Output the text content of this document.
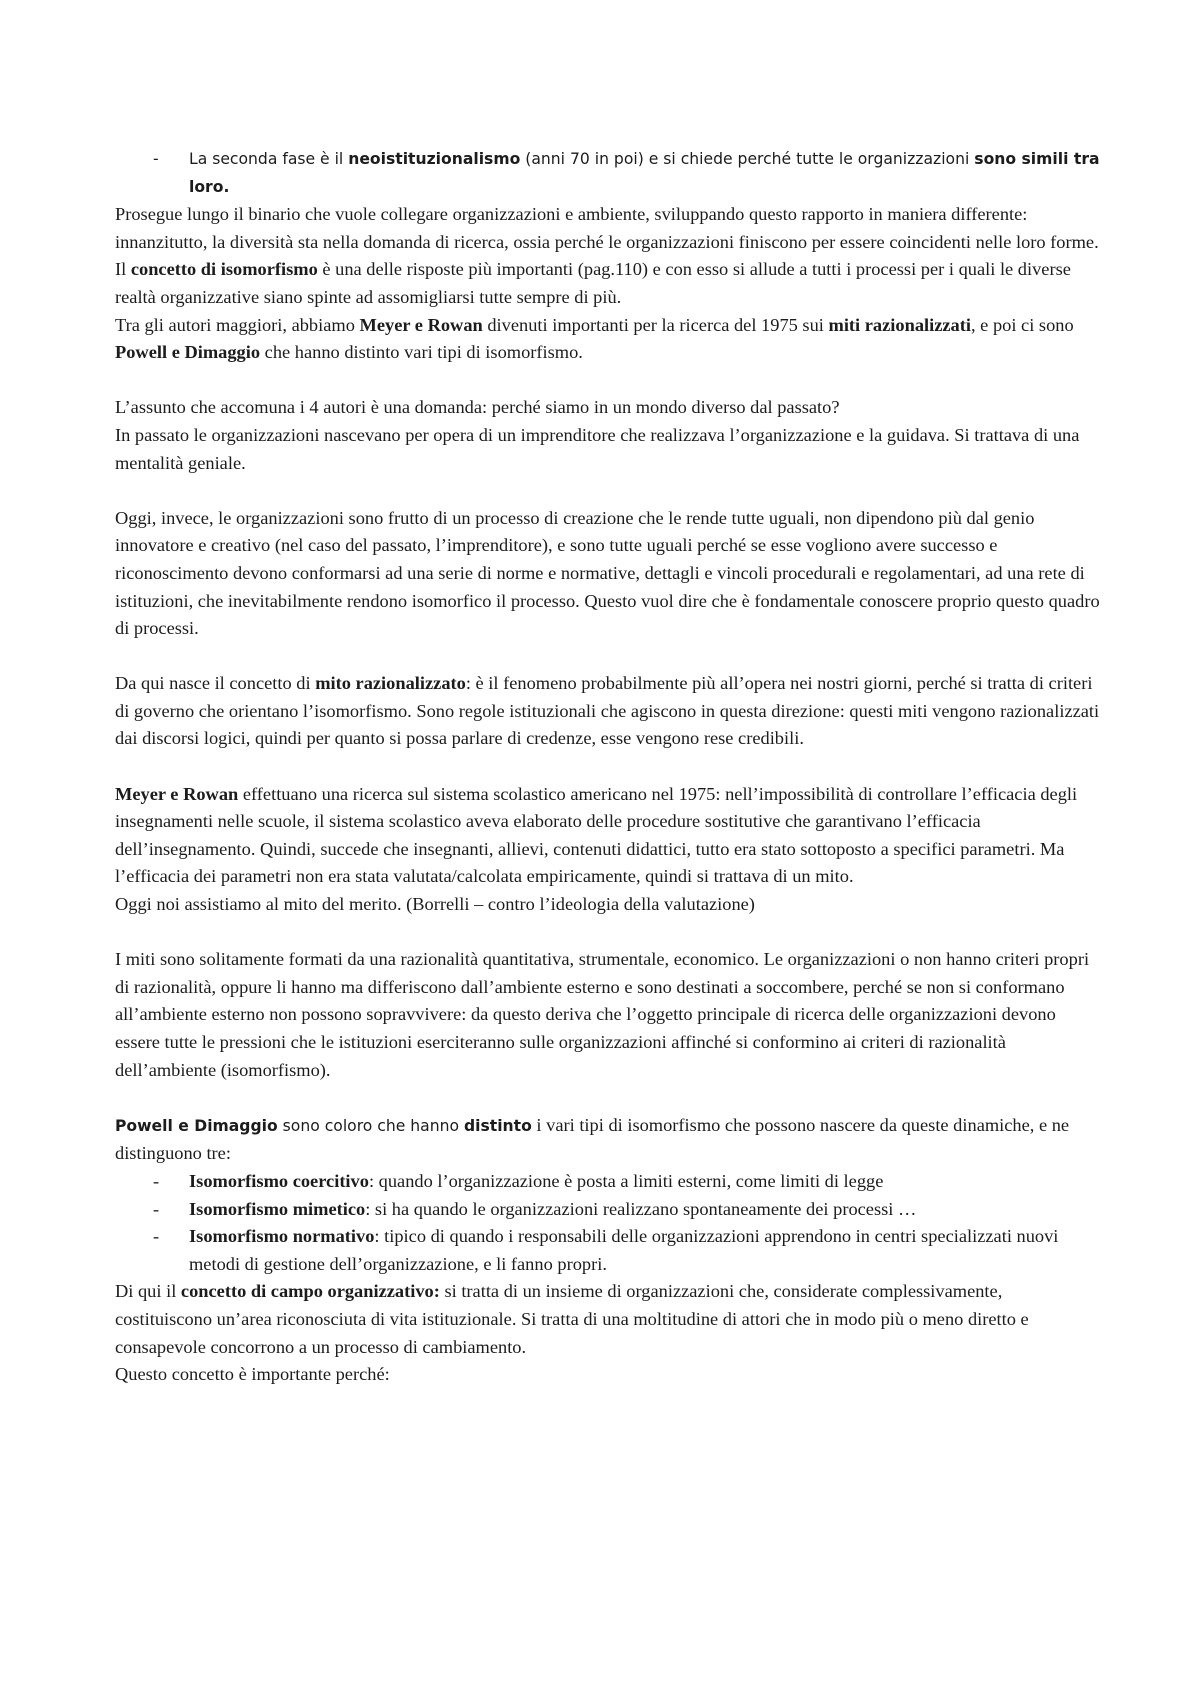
- La seconda fase è il neoistituzionalismo (anni 70 in poi) e si chiede perché tutte le organizzazioni sono simili tra loro.

Prosegue lungo il binario che vuole collegare organizzazioni e ambiente, sviluppando questo rapporto in maniera differente: innanzitutto, la diversità sta nella domanda di ricerca, ossia perché le organizzazioni finiscono per essere coincidenti nelle loro forme.

Il concetto di isomorfismo è una delle risposte più importanti (pag.110) e con esso si allude a tutti i processi per i quali le diverse realtà organizzative siano spinte ad assomigliarsi tutte sempre di più.

Tra gli autori maggiori, abbiamo Meyer e Rowan divenuti importanti per la ricerca del 1975 sui miti razionalizzati, e poi ci sono Powell e Dimaggio che hanno distinto vari tipi di isomorfismo.

L’assunto che accomuna i 4 autori è una domanda: perché siamo in un mondo diverso dal passato?

In passato le organizzazioni nascevano per opera di un imprenditore che realizzava l’organizzazione e la guidava. Si trattava di una mentalità geniale.

Oggi, invece, le organizzazioni sono frutto di un processo di creazione che le rende tutte uguali, non dipendono più dal genio innovatore e creativo (nel caso del passato, l’imprenditore), e sono tutte uguali perché se esse vogliono avere successo e riconoscimento devono conformarsi ad una serie di norme e normative, dettagli e vincoli procedurali e regolamentari, ad una rete di istituzioni, che inevitabilmente rendono isomorfico il processo. Questo vuol dire che è fondamentale conoscere proprio questo quadro di processi.

Da qui nasce il concetto di mito razionalizzato: è il fenomeno probabilmente più all’opera nei nostri giorni, perché si tratta di criteri di governo che orientano l’isomorfismo. Sono regole istituzionali che agiscono in questa direzione: questi miti vengono razionalizzati dai discorsi logici, quindi per quanto si possa parlare di credenze, esse vengono rese credibili.

Meyer e Rowan effettuano una ricerca sul sistema scolastico americano nel 1975: nell’impossibilità di controllare l’efficacia degli insegnamenti nelle scuole, il sistema scolastico aveva elaborato delle procedure sostitutive che garantivano l’efficacia dell’insegnamento. Quindi, succede che insegnanti, allievi, contenuti didattici, tutto era stato sottoposto a specifici parametri. Ma l’efficacia dei parametri non era stata valutata/calcolata empiricamente, quindi si trattava di un mito.

Oggi noi assistiamo al mito del merito. (Borrelli – contro l’ideologia della valutazione)

I miti sono solitamente formati da una razionalità quantitativa, strumentale, economico. Le organizzazioni o non hanno criteri propri di razionalità, oppure li hanno ma differiscono dall’ambiente esterno e sono destinati a soccombere, perché se non si conformano all’ambiente esterno non possono sopravvivere: da questo deriva che l’oggetto principale di ricerca delle organizzazioni devono essere tutte le pressioni che le istituzioni eserciteranno sulle organizzazioni affinché si conformino ai criteri di razionalità dell’ambiente (isomorfismo).

Powell e Dimaggio sono coloro che hanno distinto i vari tipi di isomorfismo che possono nascere da queste dinamiche, e ne distinguono tre:

- Isomorfismo coercitivo: quando l’organizzazione è posta a limiti esterni, come limiti di legge
- Isomorfismo mimetico: si ha quando le organizzazioni realizzano spontaneamente dei processi …
- Isomorfismo normativo: tipico di quando i responsabili delle organizzazioni apprendono in centri specializzati nuovi metodi di gestione dell’organizzazione, e li fanno propri.

Di qui il concetto di campo organizzativo: si tratta di un insieme di organizzazioni che, considerate complessivamente, costituiscono un’area riconosciuta di vita istituzionale. Si tratta di una moltitudine di attori che in modo più o meno diretto e consapevole concorrono a un processo di cambiamento.

Questo concetto è importante perché:
